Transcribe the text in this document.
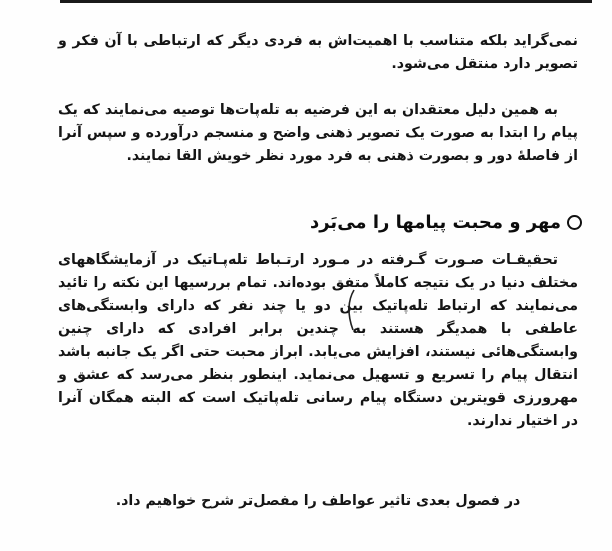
نمی‌گراید بلکه متناسب با اهمیت‌اش به فردی دیگر که ارتباطی با آن فکر و تصویر دارد منتقل می‌شود.

به همین دلیل معتقدان به این فرضیه به تله‌پات‌ها توصیه می‌نمایند که یک پیام را ابتدا به صورت یک تصویر ذهنی واضح و منسجم درآورده و سپس آنرا از فاصلهٔ دور و بصورت ذهنی به فرد مورد نظر خویش القا نمایند.

مهر و محبت پیامها را می‌بَرد

تحقیقـات صـورت گـرفته در مـورد ارتـباط تله‌پـاتیک در آزمایشگاههای مختلف دنیا در یک نتیجه کاملاً متفق بوده‌اند. تمام بررسیها این نکته را تائید می‌نمایند که ارتباط تله‌پاتیک بین دو یا چند نفر که دارای وابستگی‌های عاطفی با همدیگر هستند به چندین برابر افرادی که دارای چنین وابستگی‌هائی نیستند، افزایش می‌یابد. ابراز محبت حتی اگر یک جانبه باشد انتقال پیام را تسریع و تسهیل می‌نماید. اینطور بنظر می‌رسد که عشق و مهرورزی قویترین دستگاه پیام رسانی تله‌پاتیک است که البته همگان آنرا در اختیار ندارند.

در فصول بعدی تاثیر عواطف را مفصل‌تر شرح خواهیم داد.
